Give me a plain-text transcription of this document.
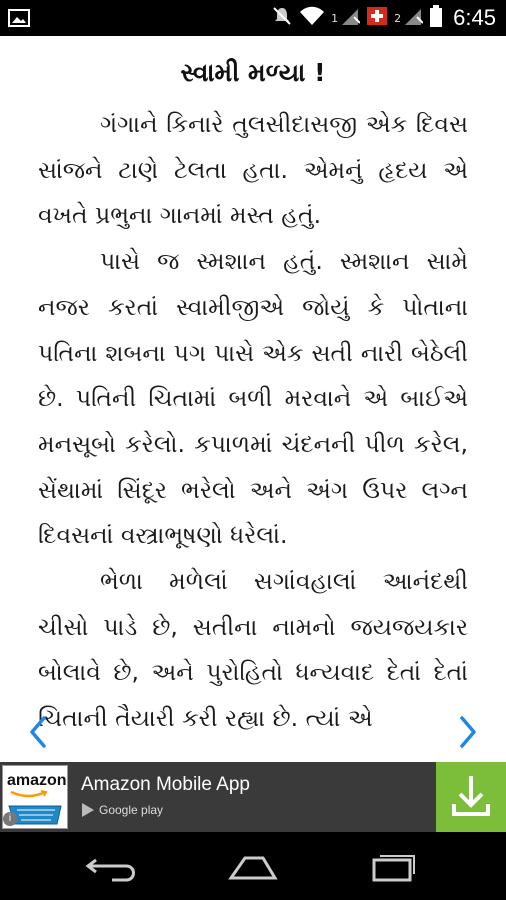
1	2 6:45
સ્વામી મળ્યા !

ગંગાને કિનારે તુલસીદાસજી એક દિવસ સાંજને ટાણે ટેલતા હતા. એમનું હૃદય એ વખતે પ્રભુના ગાનમાં મસ્ત હતું.

પાસે જ સ્મશાન હતું. સ્મશાન સામે નજર કરતાં સ્વામીજીએ જોયું કે પોતાના પતિના શબના પગ પાસે એક સતી નારી બેઠેલી છે. પતિની ચિતામાં બળી મરવાને એ બાઈએ મનસૂબો કરેલો. કપાળમાં ચંદનની પીળ કરેલ, સેંથામાં સિંદૂર ભરેલો અને અંગ ઉપર લગ્ન દિવસનાં વસ્ત્રાભૂષણો ધરેલાં.

ભેળા મળેલાં સગાંવહાલાં આનંદથી ચીસો પાડે છે, સતીના નામનો જયજયકાર બોલાવે છે, અને પુરોહિતો ધન્યવાદ દેતાં દેતાં ચિતાની તૈયારી કરી રહ્યા છે. ત્યાં એ

amazon
i
Amazon Mobile App
Google play
